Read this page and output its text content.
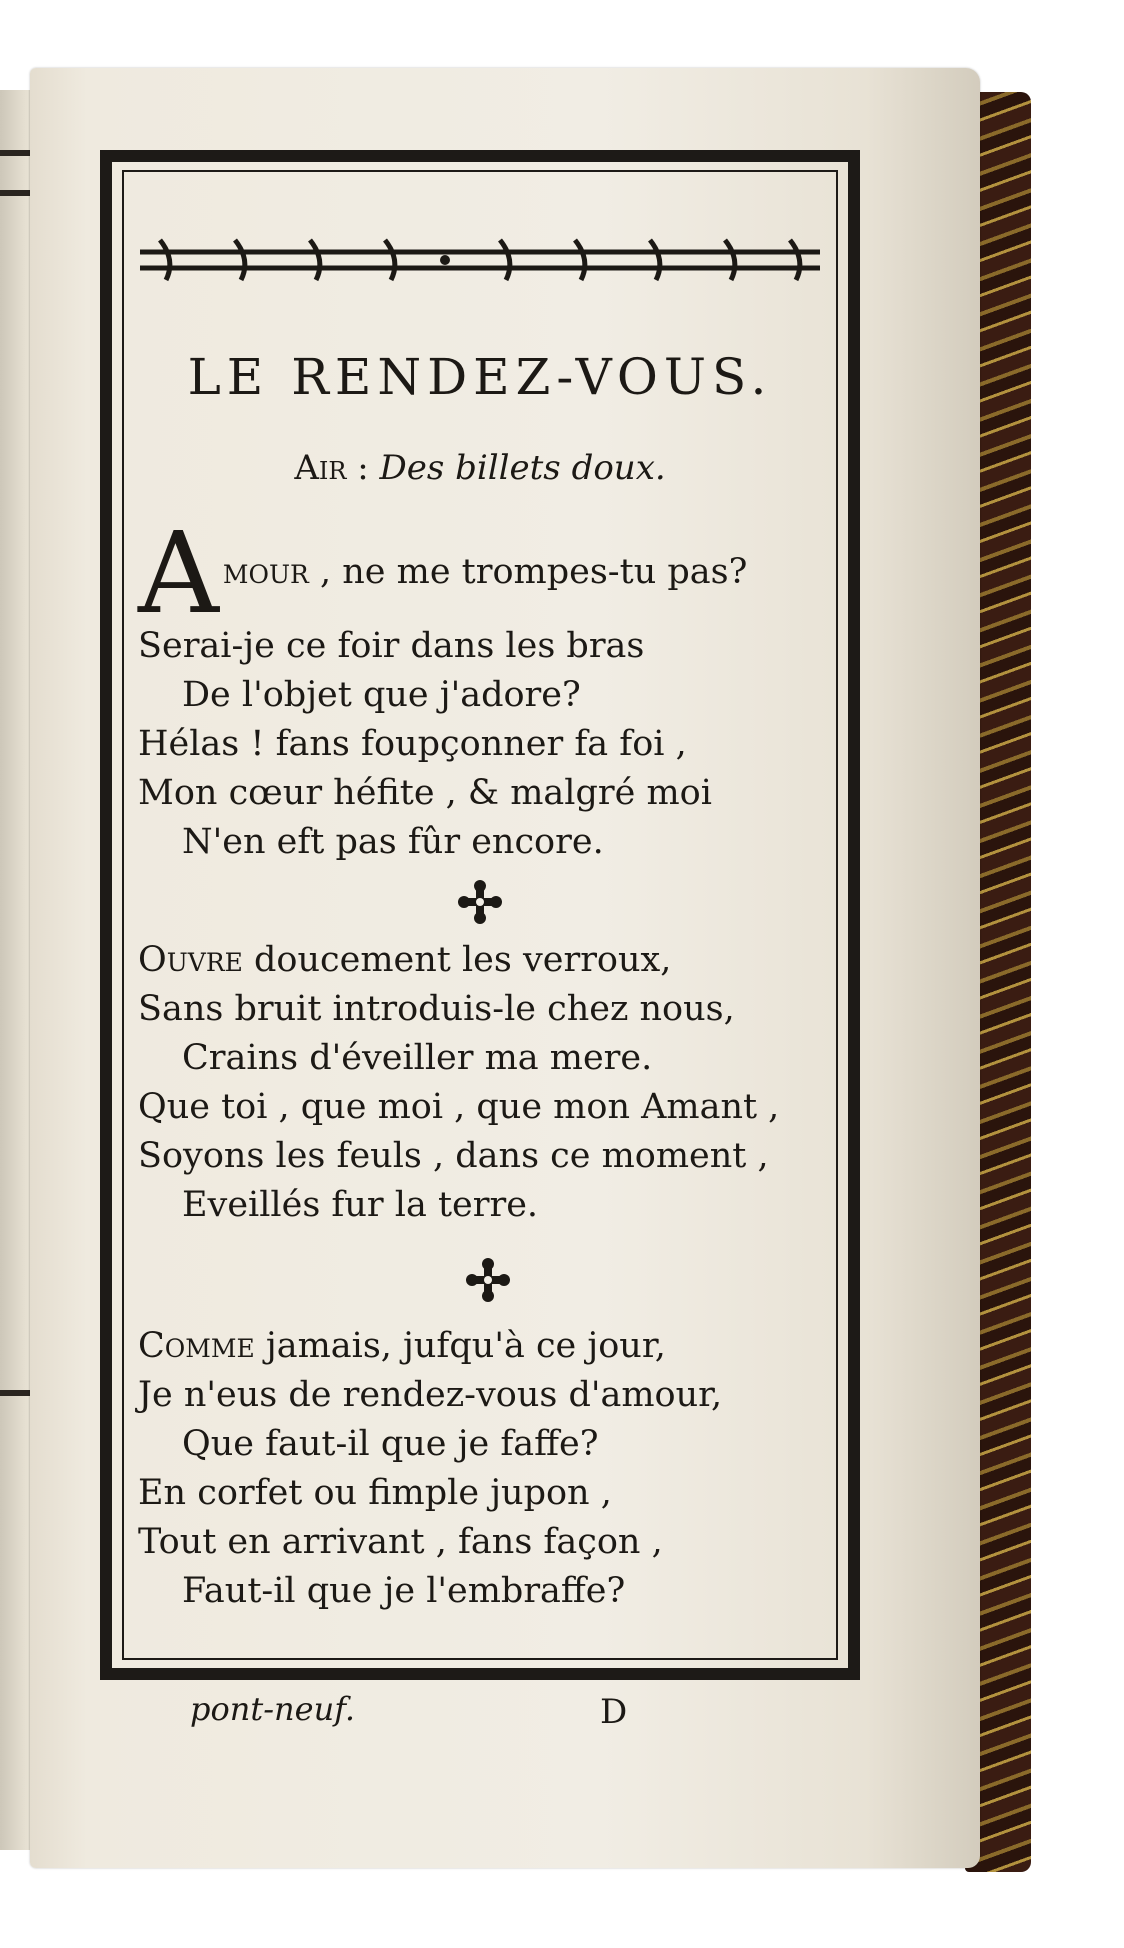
LE RENDEZ-VOUS.
Air : Des billets doux.
A mour , ne me trompes-tu pas?
Serai-je ce foir dans les bras
De l'objet que j'adore?
Hélas ! fans foupçonner fa foi ,
Mon cœur héfite , & malgré moi
N'en eft pas fûr encore.
Ouvre doucement les verroux,
Sans bruit introduis-le chez nous,
Crains d'éveiller ma mere.
Que toi , que moi , que mon Amant ,
Soyons les feuls , dans ce moment ,
Eveillés fur la terre.
Comme jamais, jufqu'à ce jour,
Je n'eus de rendez-vous d'amour,
Que faut-il que je faffe?
En corfet ou fimple jupon ,
Tout en arrivant , fans façon ,
Faut-il que je l'embraffe?
pont-neuf.	D
